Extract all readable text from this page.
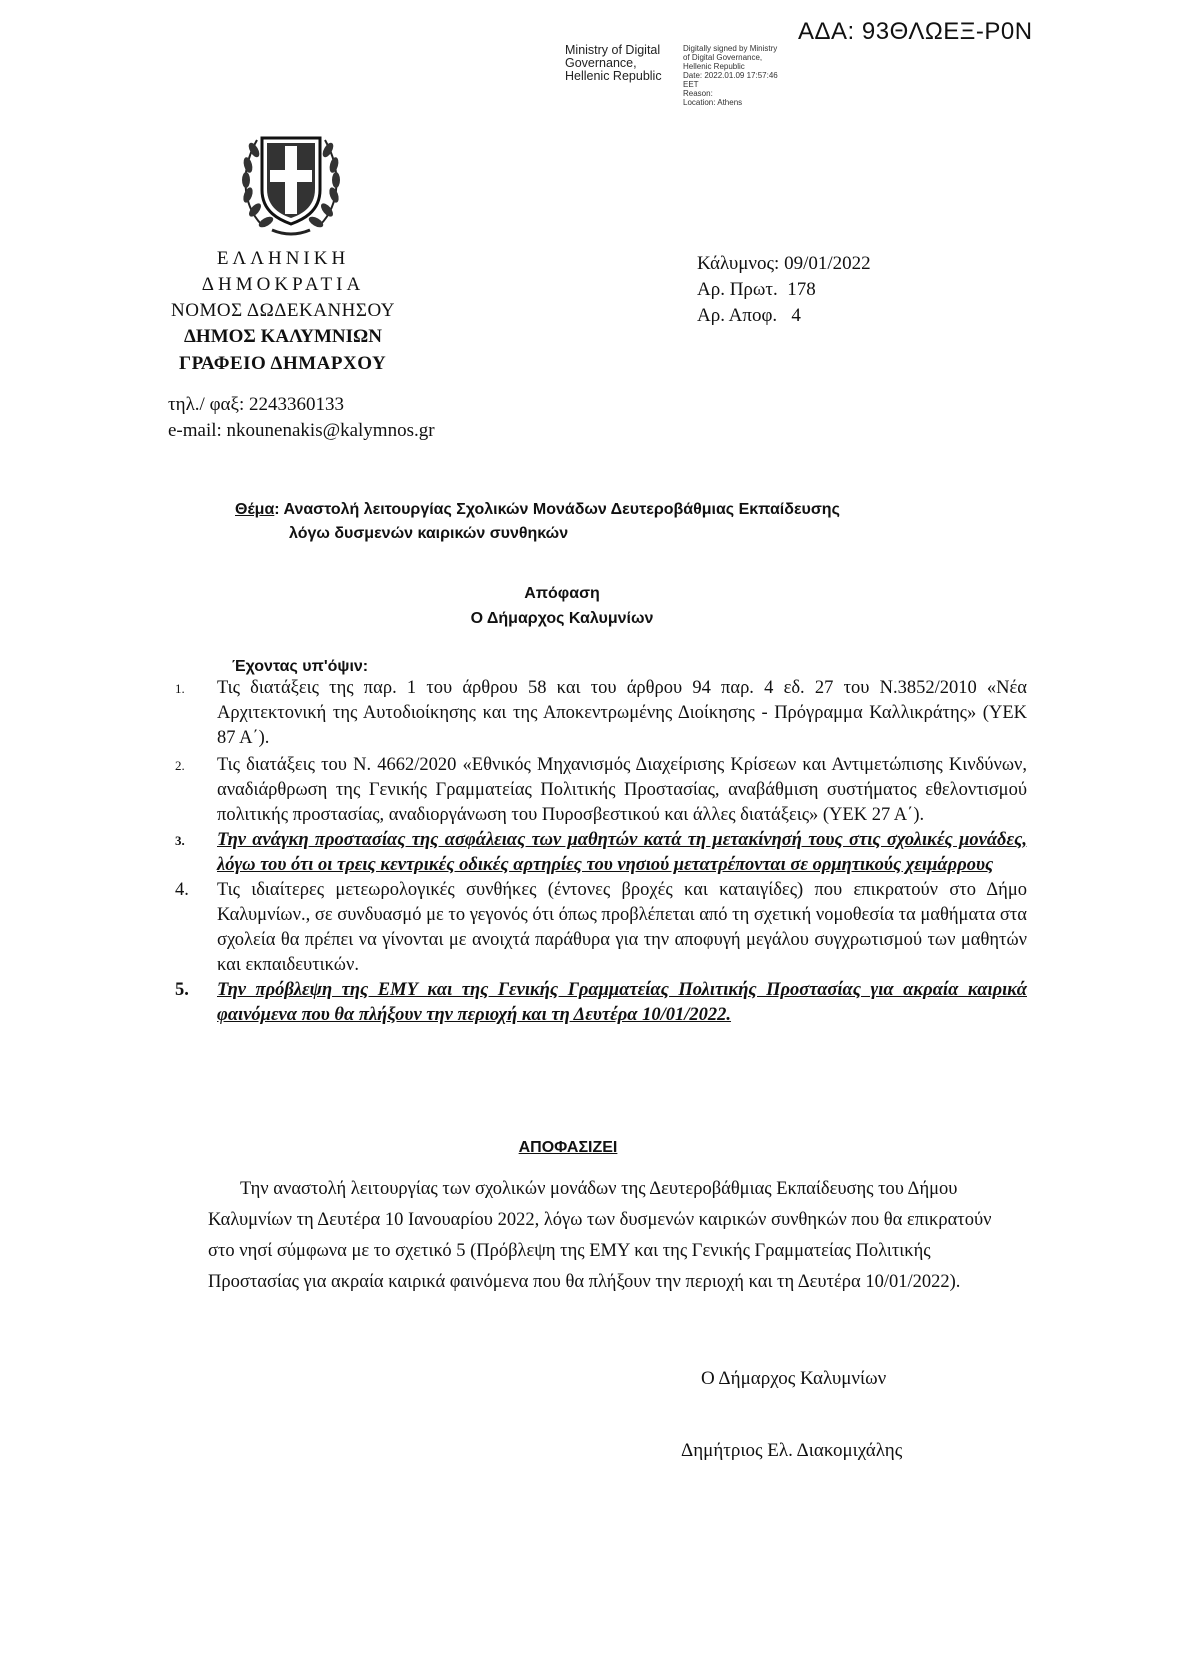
ΑΔΑ: 93ΘΛΩΕΞ-Ρ0Ν
Ministry of Digital
Governance,
Hellenic Republic
Digitally signed by Ministry
of Digital Governance,
Hellenic Republic
Date: 2022.01.09 17:57:46
EET
Reason:
Location: Athens
ΕΛΛΗΝΙΚΗ
ΔΗΜΟΚΡΑΤΙΑ
ΝΟΜΟΣ ΔΩΔΕΚΑΝΗΣΟΥ
ΔΗΜΟΣ ΚΑΛΥΜΝΙΩΝ
ΓΡΑΦΕΙΟ ΔΗΜΑΡΧΟΥ
τηλ./ φαξ: 2243360133
e-mail: nkounenakis@kalymnos.gr
Κάλυμνος: 09/01/2022
Αρ. Πρωτ.  178
Αρ. Αποφ.   4
Θέμα: Αναστολή λειτουργίας Σχολικών Μονάδων Δευτεροβάθμιας Εκπαίδευσης
λόγω δυσμενών καιρικών συνθηκών
Απόφαση
Ο Δήμαρχος Καλυμνίων
Έχοντας υπ'όψιν:
1. Τις διατάξεις της παρ. 1 του άρθρου 58 και του άρθρου 94 παρ. 4 εδ. 27 του Ν.3852/2010 «Νέα Αρχιτεκτονική της Αυτοδιοίκησης και της Αποκεντρωμένης Διοίκησης - Πρόγραμμα Καλλικράτης» (ΥΕΚ 87 Α΄).
2. Τις διατάξεις του Ν. 4662/2020 «Εθνικός Μηχανισμός Διαχείρισης Κρίσεων και Αντιμετώπισης Κινδύνων, αναδιάρθρωση της Γενικής Γραμματείας Πολιτικής Προστασίας, αναβάθμιση συστήματος εθελοντισμού πολιτικής προστασίας, αναδιοργάνωση του Πυροσβεστικού και άλλες διατάξεις» (ΥΕΚ 27 Α΄).
3. Την ανάγκη προστασίας της ασφάλειας των μαθητών κατά τη μετακίνησή τους στις σχολικές μονάδες, λόγω του ότι οι τρεις κεντρικές οδικές αρτηρίες του νησιού μετατρέπονται σε ορμητικούς χειμάρρους
4. Τις ιδιαίτερες μετεωρολογικές συνθήκες (έντονες βροχές και καταιγίδες) που επικρατούν στο Δήμο Καλυμνίων., σε συνδυασμό με το γεγονός ότι όπως προβλέπεται από τη σχετική νομοθεσία τα μαθήματα στα σχολεία θα πρέπει να γίνονται με ανοιχτά παράθυρα για την αποφυγή μεγάλου συγχρωτισμού των μαθητών και εκπαιδευτικών.
5. Την πρόβλεψη της ΕΜΥ και της Γενικής Γραμματείας Πολιτικής Προστασίας για ακραία καιρικά φαινόμενα που θα πλήξουν την περιοχή και τη Δευτέρα 10/01/2022.
ΑΠΟΦΑΣΙΖΕΙ
Την αναστολή λειτουργίας των σχολικών μονάδων της Δευτεροβάθμιας Εκπαίδευσης του Δήμου Καλυμνίων τη Δευτέρα 10 Ιανουαρίου 2022, λόγω των δυσμενών καιρικών συνθηκών που θα επικρατούν στο νησί σύμφωνα με το σχετικό 5 (Πρόβλεψη της ΕΜΥ και της Γενικής Γραμματείας Πολιτικής Προστασίας για ακραία καιρικά φαινόμενα που θα πλήξουν την περιοχή και τη Δευτέρα 10/01/2022).
Ο Δήμαρχος Καλυμνίων
Δημήτριος Ελ. Διακομιχάλης
